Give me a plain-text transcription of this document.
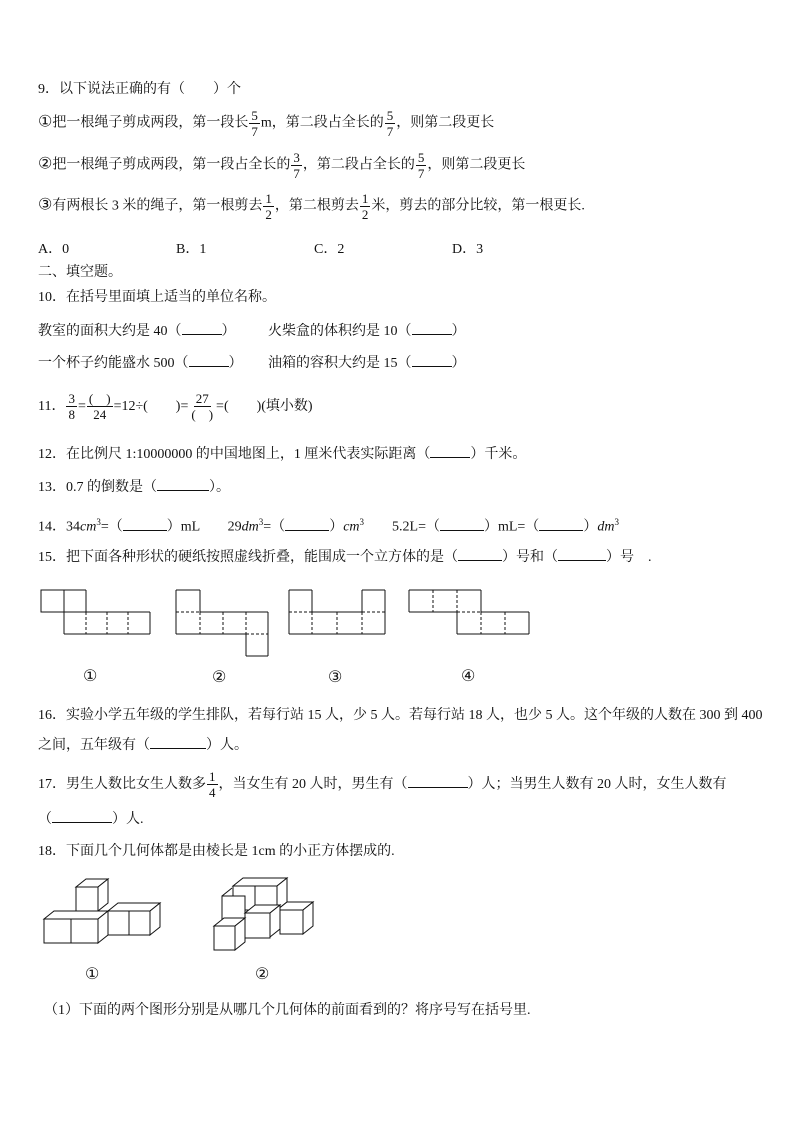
9．以下说法正确的有（　　）个
①把一根绳子剪成两段，第一段长 $\frac{5}{7}$ m，第二段占全长的 $\frac{5}{7}$ ，则第二段更长
②把一根绳子剪成两段，第一段占全长的 $\frac{3}{7}$ ，第二段占全长的 $\frac{5}{7}$ ，则第二段更长
③有两根长 3 米的绳子，第一根剪去 $\frac{1}{2}$ ，第二根剪去 $\frac{1}{2}$ 米，剪去的部分比较，第一根更长.
A．0	B．1	C．2	D．3
二、填空题。
10．在括号里面填上适当的单位名称。
教室的面积大约是 40（	） 火柴盒的体积约是 10（	）
一个杯子约能盛水 500（	） 油箱的容积大约是 15（	）
11． $\frac{3}{8} = \frac{( )}{24} =12\div$(　　)= $\frac{27}{( )}$ =(　　)(填小数)
12．在比例尺 1:10000000 的中国地图上，1 厘米代表实际距离（	）千米。
13．0.7 的倒数是（	）。
14．$34cm^3=$（	）mL　　$29dm^3=$（	）$cm^3$　　5.2L=（	）mL=（	）$dm^3$
15．把下面各种形状的硬纸按照虚线折叠，能围成一个立方体的是（	）号和（	）号　.
①	②	③	④
16．实验小学五年级的学生排队，若每行站 15 人，少 5 人。若每行站 18 人，也少 5 人。这个年级的人数在 300 到 400
之间，五年级有（	）人。
17．男生人数比女生人数多 $\frac{1}{4}$ ，当女生有 20 人时，男生有（	）人；当男生人数有 20 人时，女生人数有
（	）人.
18．下面几个几何体都是由棱长是 1cm 的小正方体摆成的.
①	②
（1）下面的两个图形分别是从哪几个几何体的前面看到的？将序号写在括号里.
